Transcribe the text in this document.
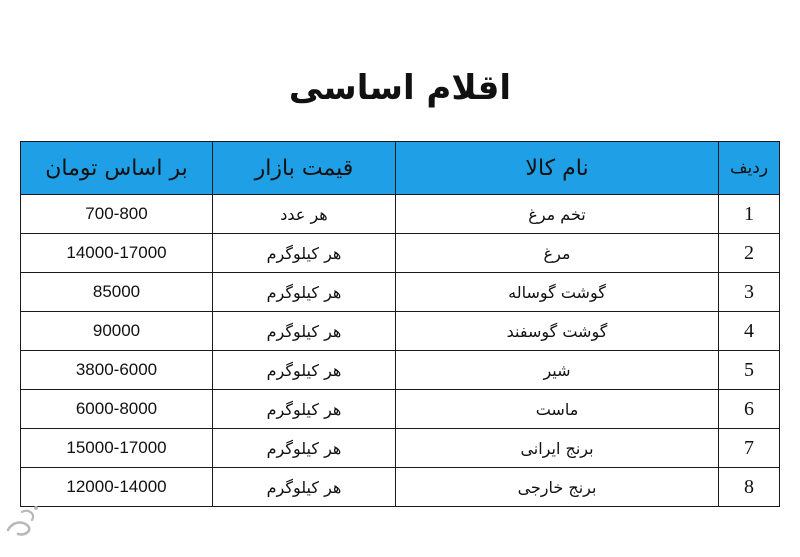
اقلام اساسی
بر اساس تومان	قیمت بازار	نام کالا	ردیف
700-800	هر عدد	تخم مرغ	1
14000-17000	هر کیلوگرم	مرغ	2
85000	هر کیلوگرم	گوشت گوساله	3
90000	هر کیلوگرم	گوشت گوسفند	4
3800-6000	هر کیلوگرم	شیر	5
6000-8000	هر کیلوگرم	ماست	6
15000-17000	هر کیلوگرم	برنج ایرانی	7
12000-14000	هر کیلوگرم	برنج خارجی	8
